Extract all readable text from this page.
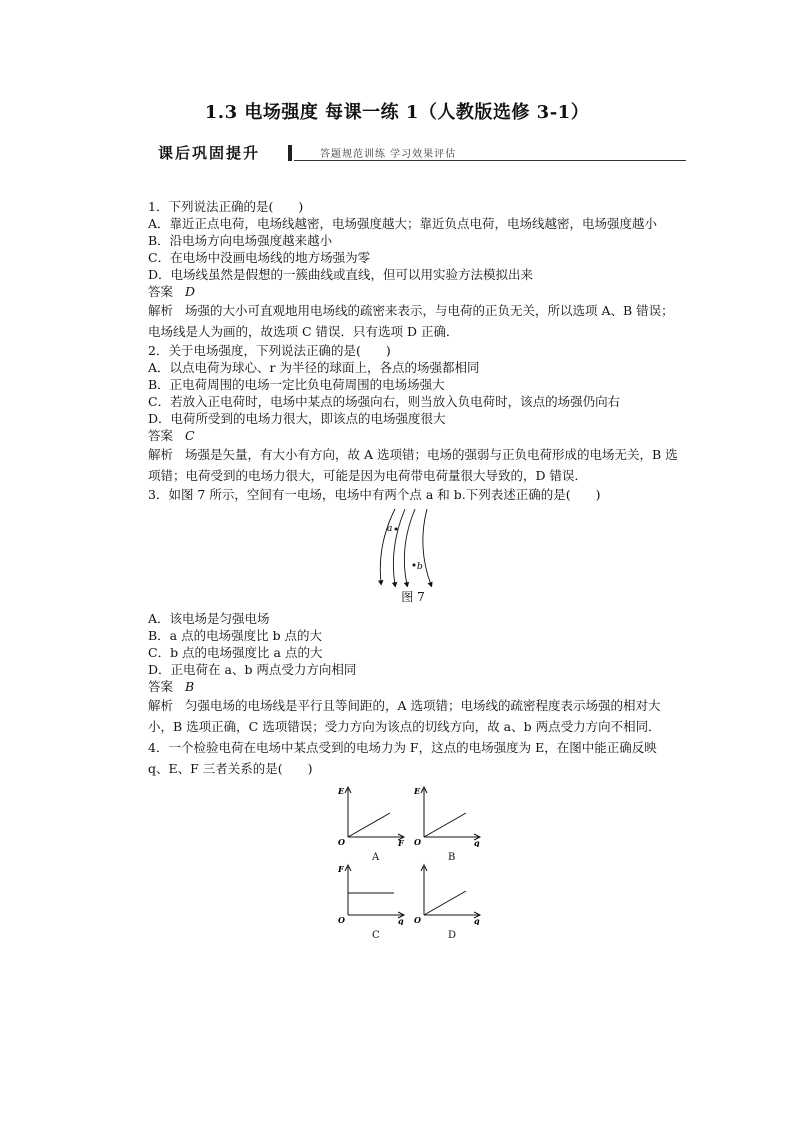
1.3 电场强度 每课一练 1（人教版选修 3-1）
课后巩固提升	答题规范训练 学习效果评估

1．下列说法正确的是(　　)

A．靠近正点电荷，电场线越密，电场强度越大；靠近负点电荷，电场线越密，电场强度越小

B．沿电场方向电场强度越来越小

C．在电场中没画电场线的地方场强为零

D．电场线虽然是假想的一簇曲线或直线，但可以用实验方法模拟出来

答案 D

解析 场强的大小可直观地用电场线的疏密来表示，与电荷的正负无关，所以选项 A、B 错误；电场线是人为画的，故选项 C 错误．只有选项 D 正确．

2．关于电场强度，下列说法正确的是(　　)

A．以点电荷为球心、r 为半径的球面上，各点的场强都相同

B．正电荷周围的电场一定比负电荷周围的电场场强大

C．若放入正电荷时，电场中某点的场强向右，则当放入负电荷时，该点的场强仍向右

D．电荷所受到的电场力很大，即该点的电场强度很大

答案 C

解析 场强是矢量，有大小有方向，故 A 选项错；电场的强弱与正负电荷形成的电场无关，B 选项错；电荷受到的电场力很大，可能是因为电荷带电荷量很大导致的，D 错误．

3．如图 7 所示，空间有一电场，电场中有两个点 a 和 b.下列表述正确的是(　　)

a
b
图 7

A．该电场是匀强电场

B．a 点的电场强度比 b 点的大

C．b 点的电场强度比 a 点的大

D．正电荷在 a、b 两点受力方向相同

答案 B

解析 匀强电场的电场线是平行且等间距的，A 选项错；电场线的疏密程度表示场强的相对大小，B 选项正确，C 选项错误；受力方向为该点的切线方向，故 a、b 两点受力方向不相同．

4．一个检验电荷在电场中某点受到的电场力为 F，这点的电场强度为 E，在图中能正确反映 q、E、F 三者关系的是(　　)

E
O	F
A
E
O	q
B
F
O	q
C
O	q
D
